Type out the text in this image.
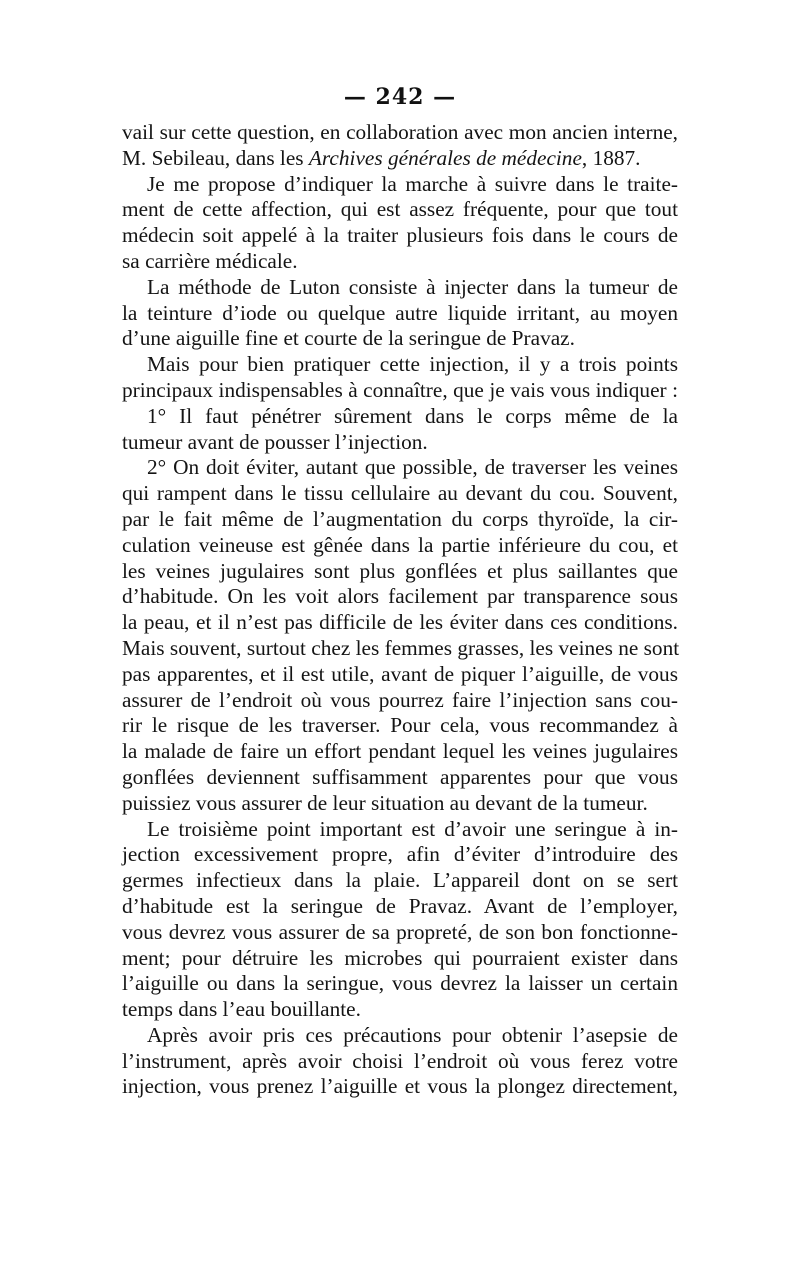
— 242 —
vail sur cette question, en collaboration avec mon ancien interne,
M. Sebileau, dans les Archives générales de médecine, 1887.
Je me propose d’indiquer la marche à suivre dans le traite-
ment de cette affection, qui est assez fréquente, pour que tout
médecin soit appelé à la traiter plusieurs fois dans le cours de
sa carrière médicale.
La méthode de Luton consiste à injecter dans la tumeur de
la teinture d’iode ou quelque autre liquide irritant, au moyen
d’une aiguille fine et courte de la seringue de Pravaz.
Mais pour bien pratiquer cette injection, il y a trois points
principaux indispensables à connaître, que je vais vous indiquer :
1° Il faut pénétrer sûrement dans le corps même de la
tumeur avant de pousser l’injection.
2° On doit éviter, autant que possible, de traverser les veines
qui rampent dans le tissu cellulaire au devant du cou. Souvent,
par le fait même de l’augmentation du corps thyroïde, la cir-
culation veineuse est gênée dans la partie inférieure du cou, et
les veines jugulaires sont plus gonflées et plus saillantes que
d’habitude. On les voit alors facilement par transparence sous
la peau, et il n’est pas difficile de les éviter dans ces conditions.
Mais souvent, surtout chez les femmes grasses, les veines ne sont
pas apparentes, et il est utile, avant de piquer l’aiguille, de vous
assurer de l’endroit où vous pourrez faire l’injection sans cou-
rir le risque de les traverser. Pour cela, vous recommandez à
la malade de faire un effort pendant lequel les veines jugulaires
gonflées deviennent suffisamment apparentes pour que vous
puissiez vous assurer de leur situation au devant de la tumeur.
Le troisième point important est d’avoir une seringue à in-
jection excessivement propre, afin d’éviter d’introduire des
germes infectieux dans la plaie. L’appareil dont on se sert
d’habitude est la seringue de Pravaz. Avant de l’employer,
vous devrez vous assurer de sa propreté, de son bon fonctionne-
ment; pour détruire les microbes qui pourraient exister dans
l’aiguille ou dans la seringue, vous devrez la laisser un certain
temps dans l’eau bouillante.
Après avoir pris ces précautions pour obtenir l’asepsie de
l’instrument, après avoir choisi l’endroit où vous ferez votre
injection, vous prenez l’aiguille et vous la plongez directement,
